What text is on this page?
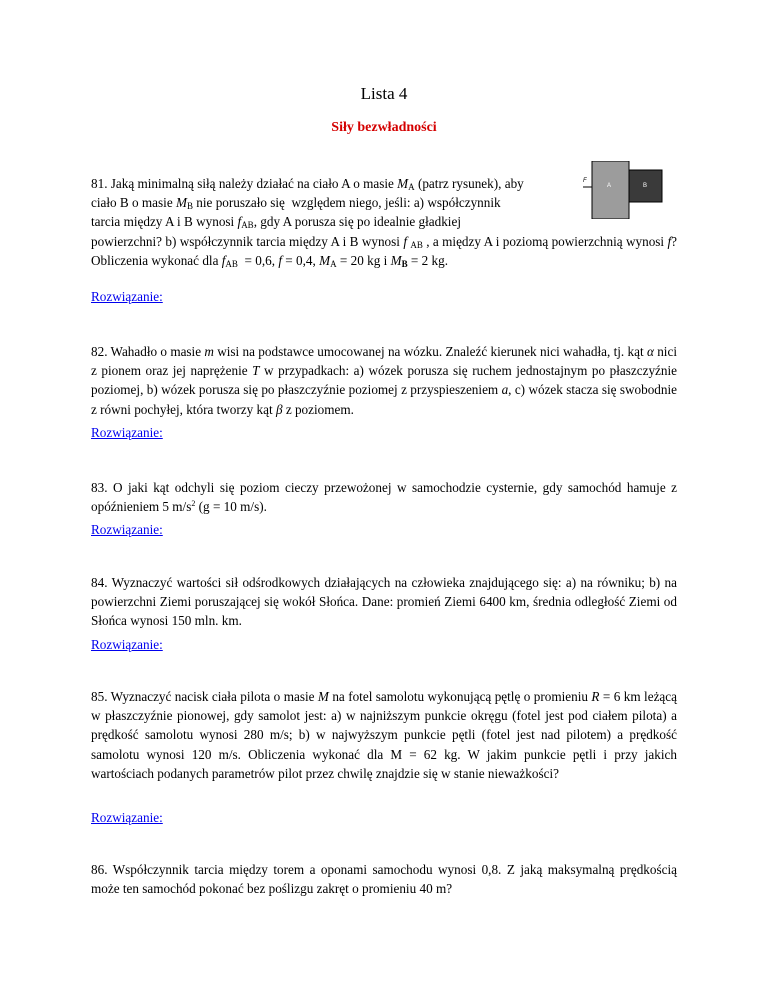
Lista 4
Siły bezwładności

81. Jaką minimalną siłą należy działać na ciało A o masie $M_A$ (patrz rysunek), aby
ciało B o masie $M_B$ nie poruszało się  względem niego, jeśli: a) współczynnik
tarcia między A i B wynosi $f_{AB}$, gdy A porusza się po idealnie gładkiej
powierzchni? b) współczynnik tarcia między A i B wynosi f $_{AB}$ , a między A i poziomą powierzchnią wynosi f? Obliczenia wykonać dla $f_{AB} = 0,6$, f = 0,4, $M_A = 20$ kg i $M_B = 2$ kg.

F
A	B
Rozwiązanie:

82. Wahadło o masie m wisi na podstawce umocowanej na wózku. Znaleźć kierunek nici wahadła, tj. kąt α nici z pionem oraz jej naprężenie T w przypadkach: a) wózek porusza się ruchem jednostajnym po płaszczyźnie poziomej, b) wózek porusza się po płaszczyźnie poziomej z przyspieszeniem a, c) wózek stacza się swobodnie z równi pochyłej, która tworzy kąt β z poziomem.

Rozwiązanie:

83. O jaki kąt odchyli się poziom cieczy przewożonej w samochodzie cysternie, gdy samochód hamuje z opóźnieniem 5 $m/s^2$ (g = 10 m/s).

Rozwiązanie:

84. Wyznaczyć wartości sił odśrodkowych działających na człowieka znajdującego się: a) na równiku; b) na powierzchni Ziemi poruszającej się wokół Słońca. Dane: promień Ziemi 6400 km, średnia odległość Ziemi od Słońca wynosi 150 mln. km.

Rozwiązanie:

85. Wyznaczyć nacisk ciała pilota o masie M na fotel samolotu wykonującą pętlę o promieniu R = 6 km leżącą w płaszczyźnie pionowej, gdy samolot jest: a) w najniższym punkcie okręgu (fotel jest pod ciałem pilota) a prędkość samolotu wynosi 280 m/s; b) w najwyższym punkcie pętli (fotel jest nad pilotem) a prędkość samolotu wynosi 120 m/s. Obliczenia wykonać dla M = 62 kg. W jakim punkcie pętli i przy jakich wartościach podanych parametrów pilot przez chwilę znajdzie się w stanie nieważkości?

Rozwiązanie:

86. Współczynnik tarcia między torem a oponami samochodu wynosi 0,8. Z jaką maksymalną prędkością może ten samochód pokonać bez poślizgu zakręt o promieniu 40 m?
